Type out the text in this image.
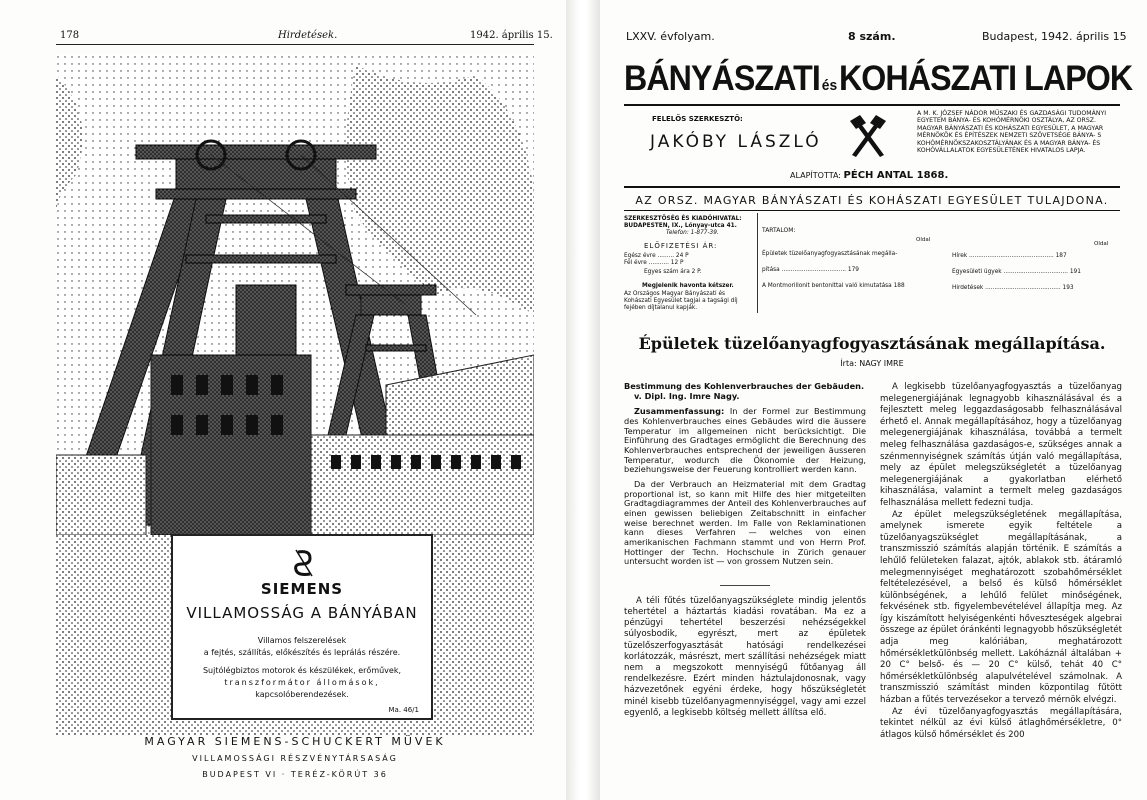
178	Hirdetések.	1942. április 15.
SIEMENS
VILLAMOSSÁG A BÁNYÁBAN
Villamos felszerelések
a fejtés, szállítás, előkészítés és leprálás részére.
Sujtólégbiztos motorok és készülékek, erőművek,
transzformátor állomások,
kapcsolóberendezések.
Ma. 46/1
MAGYAR SIEMENS-SCHUCKERT MÜVEK
VILLAMOSSÁGI RÉSZVÉNYTÁRSASÁG
BUDAPEST VI · TERÉZ-KÖRÚT 36
LXXV. évfolyam.	8 szám.	Budapest, 1942. április 15
BÁNYÁSZATI ésKOHÁSZATI LAPOK
FELELŐS SZERKESZTŐ:
JAKÓBY LÁSZLÓ
A M. K. JÓZSEF NÁDOR MŰSZAKI ÉS GAZDASÁGI TUDOMÁNYI EGYETEM BÁNYA- ÉS KOHÓMÉRNÖKI OSZTÁLYA, AZ ORSZ. MAGYAR BÁNYÁSZATI ÉS KOHÁSZATI EGYESÜLET, A MAGYAR MÉRNÖKÖK ÉS ÉPÍTÉSZEK NEMZETI SZÖVETSÉGE BÁNYA- S KOHÓMÉRNÖKSZAKOSZTÁLYÁNAK ÉS A MAGYAR BÁNYA- ÉS KOHÓVÁLLALATOK EGYESÜLETÉNEK HIVATALOS LAPJA.
ALAPÍTOTTA: PÉCH ANTAL 1868.
AZ ORSZ. MAGYAR BÁNYÁSZATI ÉS KOHÁSZATI EGYESÜLET TULAJDONA.
SZERKESZTŐSÉG ÉS KIADÓHIVATAL:
BUDAPESTEN, IX., Lónyay-utca 41.
Telefon: 1-877-39.
ELŐFIZETÉSI ÁR:
Egész évre ......... 24 P
Fél évre ........... 12 P
Egyes szám ára 2 P.
Megjelenik havonta kétszer.
Az Országos Magyar Bányászati és Kohászati Egyesület tagjai a tagsági díj fejében díjtalanul kapják.
TARTALOM:
Oldal
Oldal
Épületek tüzelőanyagfogyasztásának megálla-
pítása ................................... 179
A Montmorillonit bentonittal való kimutatása 188
Hírek .............................................. 187
Egyesületi ügyek ................................... 191
Hirdetések ......................................... 193
Épületek tüzelőanyagfogyasztásának megállapítása.
Írta: NAGY IMRE
Bestimmung des Kohlenverbrauches der Gebäuden.
v. Dipl. Ing. Imre Nagy.
Zusammenfassung: In der Formel zur Bestimmung des Kohlenverbrauches eines Gebäudes wird die äussere Temperatur im allgemeinen nicht berücksichtigt. Die Einführung des Gradtages ermöglicht die Berechnung des Kohlenverbrauches entsprechend der jeweiligen äusseren Temperatur, wodurch die Ökonomie der Heizung, beziehungsweise der Feuerung kontrolliert werden kann.
Da der Verbrauch an Heizmaterial mit dem Gradtag proportional ist, so kann mit Hilfe des hier mitgeteilten Gradtagdiagrammes der Anteil des Kohlenverbrauches auf einen gewissen beliebigen Zeitabschnitt in einfacher weise berechnet werden. Im Falle von Reklaminationen kann dieses Verfahren — welches von einen amerikanischen Fachmann stammt und von Herrn Prof. Hottinger der Techn. Hochschule in Zürich genauer untersucht worden ist — von grossem Nutzen sein.
A téli fűtés tüzelőanyagszükséglete mindig jelentős tehertétel a háztartás kiadási rovatában. Ma ez a pénzügyi tehertétel beszerzési nehézségekkel súlyosbodik, egyrészt, mert az épületek tüzelőszerfogyasztását hatósági rendelkezései korlátozzák, másrészt, mert szállítási nehézségek miatt nem a megszokott mennyiségű fűtőanyag áll rendelkezésre. Ezért minden háztulajdonosnak, vagy házvezetőnek egyéni érdeke, hogy hőszükségletét minél kisebb tüzelőanyagmennyiséggel, vagy ami ezzel egyenlő, a legkisebb költség mellett állítsa elő.
A legkisebb tüzelőanyagfogyasztás a tüzelőanyag melegenergiájának legnagyobb kihasználásával és a fejlesztett meleg leggazdaságosabb felhasználásával érhető el. Annak megállapításához, hogy a tüzelőanyag melegenergiájának kihasználása, továbbá a termelt meleg felhasználása gazdaságos-e, szükséges annak a szénmennyiségnek számítás útján való megállapítása, mely az épület melegszükségletét a tüzelőanyag melegenergiájának a gyakorlatban elérhető kihasználása, valamint a termelt meleg gazdaságos felhasználása mellett fedezni tudja.
Az épület melegszükségletének megállapítása, amelynek ismerete egyik feltétele a tüzelőanyagszükséglet megállapításának, a transzmisszió számítás alapján történik. E számítás a lehűlő felületeken falazat, ajtók, ablakok stb. átáramló melegmennyiséget meghatározott szobahőmérséklet feltételezésével, a belső és külső hőmérséklet különbségének, a lehűlő felület minőségének, fekvésének stb. figyelembevételével állapítja meg. Az így kiszámított helyiségenkénti hőveszteségek algebrai összege az épület óránkénti legnagyobb hőszükségletét adja meg kalóriában, meghatározott hőmérsékletkülönbség mellett. Lakóháznál általában + 20 C° belső- és — 20 C° külső, tehát 40 C° hőmérsékletkülönbség alapulvételével számolnak. A transzmisszió számítást minden központilag fűtött házban a fűtés tervezésekor a tervező mérnök elvégzi.
Az évi tüzelőanyagfogyasztás megállapítására, tekintet nélkül az évi külső átlaghőmérsékletre, 0° átlagos külső hőmérséklet és 200
